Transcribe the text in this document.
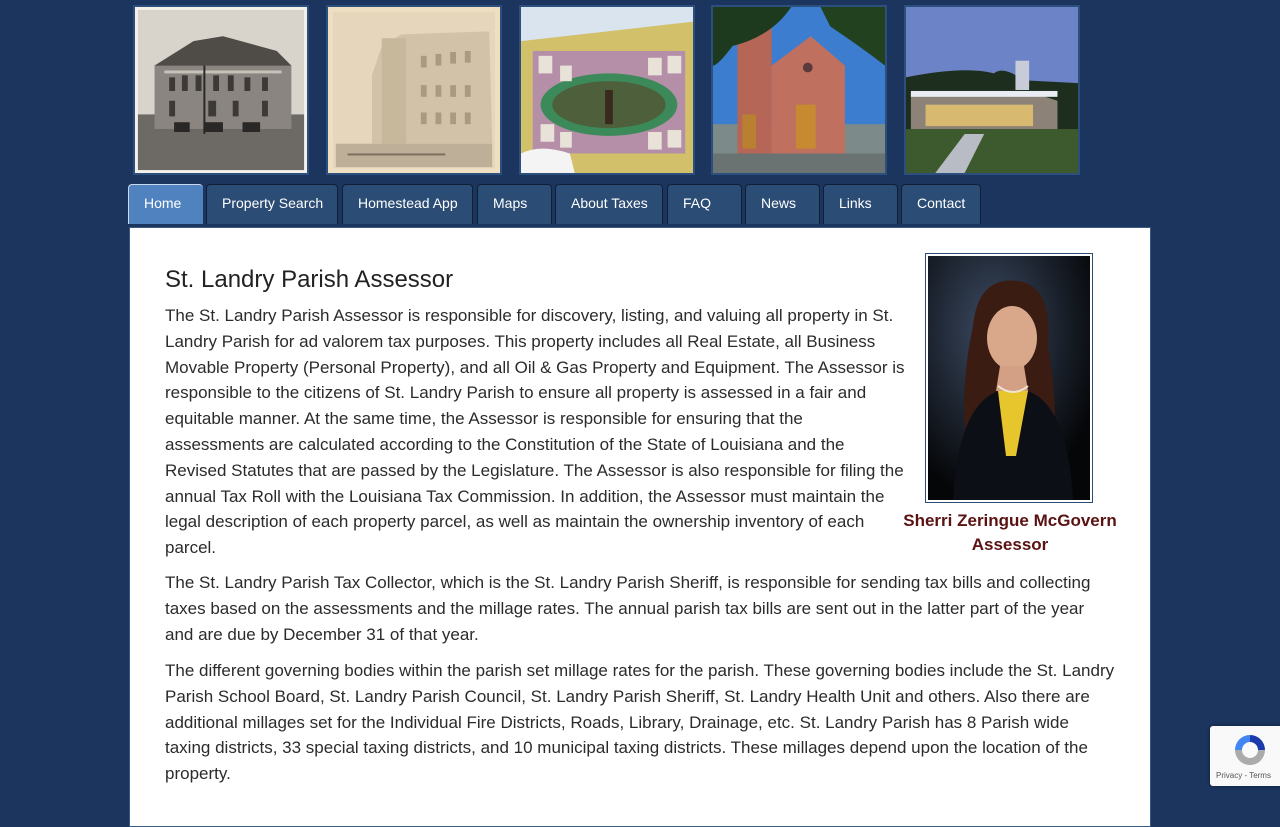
Home	Property Search	Homestead App	Maps	About Taxes	FAQ	News	Links	Contact
St. Landry Parish Assessor

The St. Landry Parish Assessor is responsible for discovery, listing, and valuing all property in St. Landry Parish for ad valorem tax purposes. This property includes all Real Estate, all Business Movable Property (Personal Property), and all Oil & Gas Property and Equipment. The Assessor is responsible to the citizens of St. Landry Parish to ensure all property is assessed in a fair and equitable manner. At the same time, the Assessor is responsible for ensuring that the assessments are calculated according to the Constitution of the State of Louisiana and the Revised Statutes that are passed by the Legislature. The Assessor is also responsible for filing the annual Tax Roll with the Louisiana Tax Commission. In addition, the Assessor must maintain the legal description of each property parcel, as well as maintain the ownership inventory of each parcel.

The St. Landry Parish Tax Collector, which is the St. Landry Parish Sheriff, is responsible for sending tax bills and collecting taxes based on the assessments and the millage rates. The annual parish tax bills are sent out in the latter part of the year and are due by December 31 of that year.

The different governing bodies within the parish set millage rates for the parish. These governing bodies include the St. Landry Parish School Board, St. Landry Parish Council, St. Landry Parish Sheriff, St. Landry Health Unit and others. Also there are additional millages set for the Individual Fire Districts, Roads, Library, Drainage, etc. St. Landry Parish has 8 Parish wide taxing districts, 33 special taxing districts, and 10 municipal taxing districts. These millages depend upon the location of the property.

Sherri Zeringue McGovern
Assessor
Privacy - Terms
